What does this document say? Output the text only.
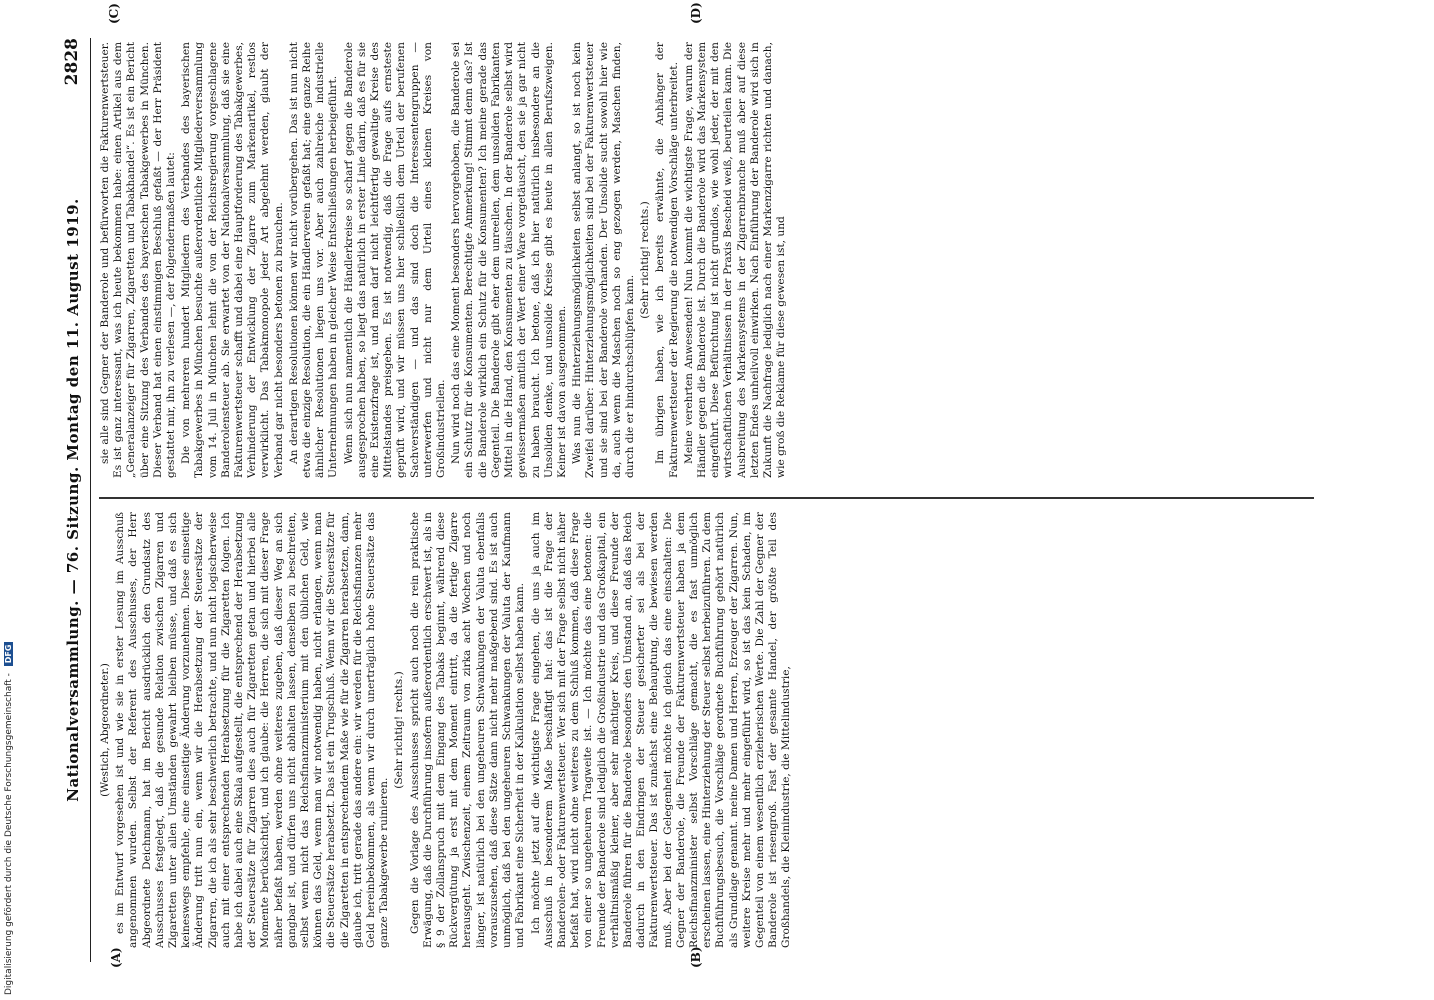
Nationalversammlung. — 76. Sitzung. Montag den 11. August 1919.
2828
(A)	(B)
(C)	(D)

(Westich, Abgeordneter.) es im Entwurf vorgesehen ist und wie sie in erster Lesung im Ausschuß angenommen wurden. Selbst der Referent des Ausschusses, der Herr Abgeordnete Deichmann, hat im Bericht ausdrücklich den Grundsatz des Ausschusses festgelegt, daß die gesunde Relation zwischen Zigarren und Zigaretten unter allen Umständen gewahrt bleiben müsse, und daß es sich keineswegs empfehle, eine einseitige Änderung vorzunehmen. Diese einseitige Änderung tritt nun ein, wenn wir die Herabsetzung der Steuersätze der Zigarren, die ich als sehr beschwerlich betrachte, und nun nicht logischerweise auch mit einer entsprechenden Herabsetzung für die Zigaretten folgen. Ich habe ich dabei auch eine Skala aufgestellt, die entsprechend der Herabsetzung der Steuersätze für Zigarren dies auch für Zigaretten getan und hierbei alle Momente berücksichtigt, und ich glaube: die Herren, die sich mit dieser Frage näher befaßt haben, werden ohne weiteres zugeben, daß dieser Weg an sich gangbar ist, und dürfen uns nicht abhalten lassen, denselben zu beschreiten, selbst wenn nicht das Reichsfinanzministerium mit den üblichen Geld, wie können das Geld, wenn man wir notwendig haben, nicht erlangen, wenn man die Steuersätze herabsetzt. Das ist ein Trugschluß. Wenn wir die Steuersätze für die Zigaretten in entsprechendem Maße wie für die Zigarren herabsetzen, dann, glaube ich, tritt gerade das andere ein: wir werden für die Reichsfinanzen mehr Geld hereinbekommen, als wenn wir durch unerträglich hohe Steuersätze das ganze Tabakgewerbe ruinieren.

(Sehr richtig! rechts.) Gegen die Vorlage des Ausschusses spricht auch noch die rein praktische Erwägung, daß die Durchführung insofern außerordentlich erschwert ist, als in § 9 der Zollanspruch mit dem Eingang des Tabaks beginnt, während diese Rückvergütung ja erst mit dem Moment eintritt, da die fertige Zigarre herausgeht. Zwischenzeit, einem Zeitraum von zirka acht Wochen und noch länger, ist natürlich bei den ungeheuren Schwankungen der Valuta ebenfalls vorauszusehen, daß diese Sätze dann nicht mehr maßgebend sind. Es ist auch unmöglich, daß bei den ungeheuren Schwankungen der Valuta der Kaufmann und Fabrikant eine Sicherheit in der Kalkulation selbst haben kann. Ich möchte jetzt auf die wichtigste Frage eingehen, die uns ja auch im Ausschuß in besonderem Maße beschäftigt hat: das ist die Frage der Banderolen- oder Fakturenwertsteuer. Wer sich mit der Frage selbst nicht näher befaßt hat, wird nicht ohne weiteres zu dem Schluß kommen, daß diese Frage von einer so ungeheuren Tragweite ist. — Ich möchte das eine betonen: die Freunde der Banderole sind lediglich die Großindustrie und das Großkapital, ein verhältnismäßig kleiner, aber sehr mächtiger Kreis, und diese Freunde der Banderole führen für die Banderole besonders den Umstand an, daß das Reich dadurch in den Eindringen der Steuer gesicherter sei als bei der Fakturenwertsteuer. Das ist zunächst eine Behauptung, die bewiesen werden muß. Aber bei der Gelegenheit möchte ich gleich das eine einschalten: Die Gegner der Banderole, die Freunde der Fakturenwertsteuer haben ja dem Reichsfinanzminister selbst Vorschläge gemacht, die es fast unmöglich erscheinen lassen, eine Hinterziehung der Steuer selbst herbeizuführen. Zu dem Buchführungsbesuch, die Vorschläge geordnete Buchführung gehört natürlich als Grundlage genannt. meine Damen und Herren, Erzeuger der Zigarren. Nun, weitere Kreise mehr und mehr eingeführt wird, so ist das kein Schaden, im Gegenteil von einem wesentlich erzieherischen Werte. Die Zahl der Gegner der Banderole ist riesengroß. Fast der gesamte Handel, der größte Teil des Großhandels, die Kleinindustrie, die Mittelindustrie,

sie alle sind Gegner der Banderole und befürworten die Fakturenwertsteuer. Es ist ganz interessant, was ich heute bekommen habe: einen Artikel aus dem „Generalanzeiger für Zigarren, Zigaretten und Tabakhandel“. Es ist ein Bericht über eine Sitzung des Verbandes des bayerischen Tabakgewerbes in München. Dieser Verband hat einen einstimmigen Beschluß gefaßt — der Herr Präsident gestattet mir, ihn zu verlesen —, der folgendermaßen lautet: Die von mehreren hundert Mitgliedern des Verbandes des bayerischen Tabakgewerbes in München besuchte außerordentliche Mitgliederversammlung vom 14. Juli in München lehnt die von der Reichsregierung vorgeschlagene Banderolensteuer ab. Sie erwartet von der Nationalversammlung, daß sie eine Fakturenwertsteuer schafft und dabei eine Hauptforderung des Tabakgewerbes, Verhinderung der Entwicklung der Zigarre zum Markenartikel, restlos verwirklicht. Das Tabakmonopole jeder Art abgelehnt werden, glaubt der Verband gar nicht besonders betonen zu brauchen. An derartigen Resolutionen können wir nicht vorübergehen. Das ist nun nicht etwa die einzige Resolution, die ein Händlerverein gefaßt hat; eine ganze Reihe ähnlicher Resolutionen liegen uns vor. Aber auch zahlreiche industrielle Unternehmungen haben in gleicher Weise Entschließungen herbeigeführt. Wenn sich nun namentlich die Händlerkreise so scharf gegen die Banderole ausgesprochen haben, so liegt das natürlich in erster Linie darin, daß es für sie eine Existenzfrage ist, und man darf nicht leichtfertig gewaltige Kreise des Mittelstandes preisgeben. Es ist notwendig, daß die Frage aufs ernsteste geprüft wird, und wir müssen uns hier schließlich dem Urteil der berufenen Sachverständigen — und das sind doch die Interessentengruppen — unterwerfen und nicht nur dem Urteil eines kleinen Kreises von Großindustriellen. Nun wird noch das eine Moment besonders hervorgehoben, die Banderole sei ein Schutz für die Konsumenten. Berechtigte Anmerkung! Stimmt denn das? Ist die Banderole wirklich ein Schutz für die Konsumenten? Ich meine gerade das Gegenteil. Die Banderole gibt eher dem unreellen, dem unsoliden Fabrikanten Mittel in die Hand, den Konsumenten zu täuschen. In der Banderole selbst wird gewissermaßen amtlich der Wert einer Ware vorgetäuscht, den sie ja gar nicht zu haben braucht. Ich betone, daß ich hier natürlich insbesondere an die Unsoliden denke, und unsolide Kreise gibt es heute in allen Berufszweigen. Keiner ist davon ausgenommen. Was nun die Hinterziehungsmöglichkeiten selbst anlangt, so ist noch kein Zweifel darüber: Hinterziehungsmöglichkeiten sind bei der Fakturenwertsteuer und sie sind bei der Banderole vorhanden. Der Unsolide sucht sowohl hier wie da, auch wenn die Maschen noch so eng gezogen werden, Maschen finden, durch die er hindurchschlüpfen kann.

(Sehr richtig! rechts.) Im übrigen haben, wie ich bereits erwähnte, die Anhänger der Fakturenwertsteuer der Regierung die notwendigen Vorschläge unterbreitet. Meine verehrten Anwesenden! Nun kommt die wichtigste Frage, warum der Händler gegen die Banderole ist. Durch die Banderole wird das Markensystem eingeführt. Diese Befürchtung ist nicht grundlos, wie wohl jeder, der mit den wirtschaftlichen Verhältnissen in der Praxis Bescheid weiß, beurteilen kann. Die Ausbreitung des Markensystems in der Zigarrenbranche muß aber auf diese letzten Endes unheilvoll einwirken. Nach Einführung der Banderole wird sich in Zukunft die Nachfrage lediglich nach einer Markenzigarre richten und danach, wie groß die Reklame für diese gewesen ist, und

Digitalisierung gefördert durch die Deutsche Forschungsgemeinschaft - DFG
